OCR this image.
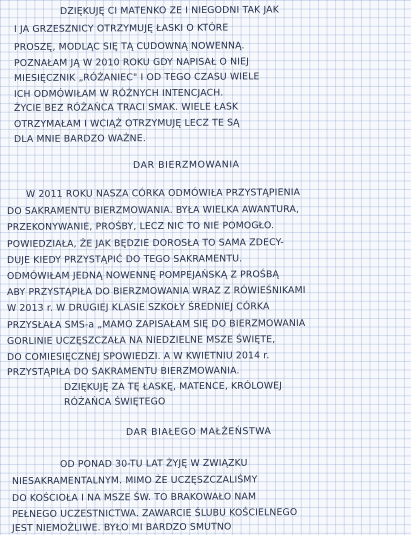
DZIĘKUJĘ CI MATENKO ZE I NIEGODNI TAK JAK
I JA GRZESZNICY OTRZYMUJĘ ŁASKI O KTÓRE
PROSZĘ, MODLĄC SIĘ TĄ CUDOWNĄ NOWENNĄ.
POZNAŁAM JĄ W 2010 ROKU GDY NAPISAŁ O NIEJ
MIESIĘCZNIK „RÓŻANIEC" I OD TEGO CZASU WIELE
ICH ODMÓWIŁAM W RÓŻNYCH INTENCJACH.
ŻYCIE BEZ RÓŻAŃCA TRACI SMAK. WIELE ŁASK
OTRZYMAŁAM I WCIĄŻ OTRZYMUJĘ LECZ TE SĄ
DLA MNIE BARDZO WAŻNE.
DAR BIERZMOWANIA
W 2011 ROKU NASZA CÓRKA ODMÓWIŁA PRZYSTĄPIENIA
DO SAKRAMENTU BIERZMOWANIA. BYŁA WIELKA AWANTURA,
PRZEKONYWANIE, PROŚBY, LECZ NIC TO NIE POMOGŁO.
POWIEDZIAŁA, ŻE JAK BĘDZIE DOROSŁA TO SAMA ZDECY-
DUJE KIEDY PRZYSTĄPIĆ DO TEGO SAKRAMENTU.
ODMÓWIŁAM JEDNĄ NOWENNĘ POMPEJAŃSKĄ Z PROŚBĄ
ABY PRZYSTĄPIŁA DO BIERZMOWANIA WRAZ Z RÓWIEŚNIKAMI
W 2013 r. W DRUGIEJ KLASIE SZKOŁY ŚREDNIEJ CÓRKA
PRZYSŁAŁA SMS-a „MAMO ZAPISAŁAM SIĘ DO BIERZMOWANIA
GORLINIE UCZĘSZCZAŁA NA NIEDZIELNE MSZE ŚWIĘTE,
DO COMIESIĘCZNEJ SPOWIEDZI. A W KWIETNIU 2014 r.
PRZYSTĄPIŁA DO SAKRAMENTU BIERZMOWANIA.
DZIĘKUJĘ ZA TĘ ŁASKĘ, MATENCE, KRÓLOWEJ
RÓŻAŃCA ŚWIĘTEGO
DAR BIAŁEGO MAŁŻEŃSTWA
OD PONAD 30-TU LAT ŻYJĘ W ZWIĄZKU
NIESAKRAMENTALNYM. MIMO ŻE UCZĘSZCZALIŚMY
DO KOŚCIOŁA I NA MSZE ŚW. TO BRAKOWAŁO NAM
PEŁNEGO UCZESTNICTWA. ZAWARCIE ŚLUBU KOŚCIELNEGO
JEST NIEMOŻLIWE. BYŁO MI BARDZO SMUTNO
